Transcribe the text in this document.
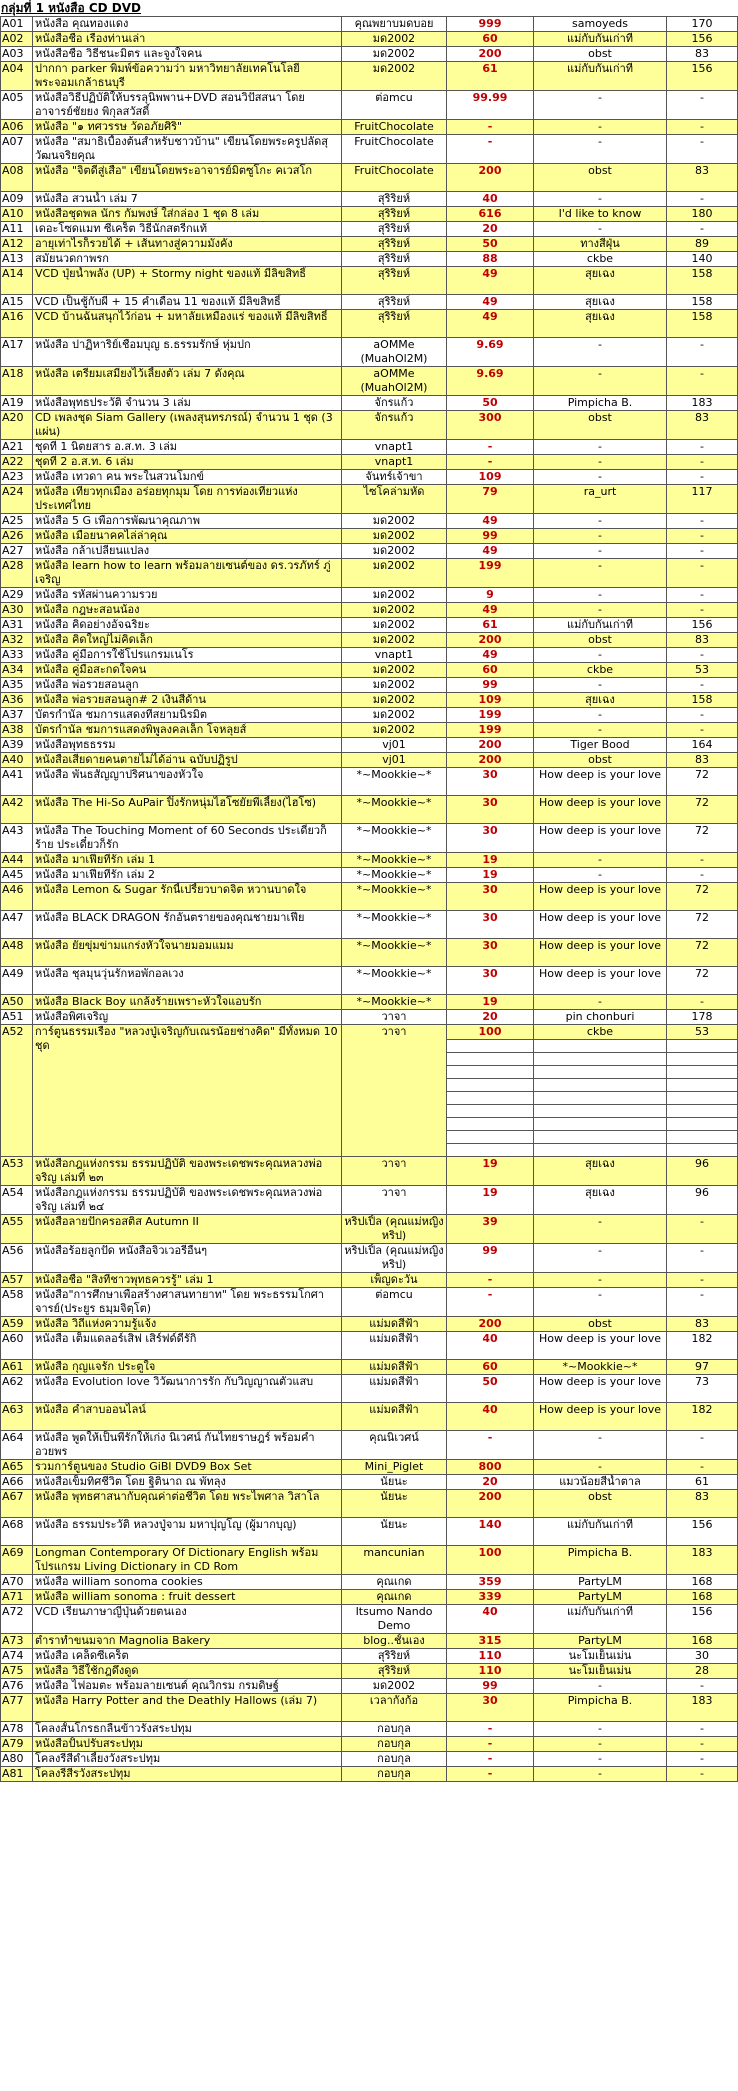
กลุ่มที่ 1 หนังสือ CD DVD
A01	หนังสือ คุณทองแดง	คุณพยาบมดบอย	999	samoyeds	170
A02	หนังสือชื่อ เรื่องท่านเล่า	มด2002	60	แม่กับกันเก่าที่	156
A03	หนังสือชื่อ วิธีชนะมิตร และจูงใจคน	มด2002	200	obst	83
A04	ปากกา parker พิมพ์ข้อความว่า มหาวิทยาลัยเทคโนโลยีพระจอมเกล้าธนบุรี	มด2002	61	แม่กับกันเก่าที่	156
A05	หนังสือวิธีปฏิบัติให้บรรลุนิพพาน+DVD สอนวิปัสสนา โดยอาจารย์ชัยยง พิกุลสวัสดิ์	ต่อmcu	99.99	-	-
A06	หนังสือ "๑ ทศวรรษ วัดอภัยศิริ"	FruitChocolate	-	-	-
A07	หนังสือ "สมาธิเบื้องต้นสำหรับชาวบ้าน" เขียนโดยพระครูปลัดสุวัฒนจริยคุณ	FruitChocolate	-	-	-
A08	หนังสือ "จิตดีสู่เสือ" เขียนโดยพระอาจารย์มิตซูโกะ คเวสโก	FruitChocolate	200	obst	83
A09	หนังสือ สวนน้ำ เล่ม 7	สุริริยห์	40	-	-
A10	หนังสือชุดพล นักร กัมพงษ์ ใส่กล่อง 1 ชุด 8 เล่ม	สุริริยห์	616	I'd like to know	180
A11	เดอะโซดแมท ซีเคร็ต วิธีนักสตรีกแท้	สุริริยห์	20	-	-
A12	อายุเท่าไรก็รวยได้ + เส้นทางสู่ความมั่งคั่ง	สุริริยห์	50	ทางสีฝุ่น	89
A13	สมัยนวดกาพรก	สุริริยห์	88	ckbe	140
A14	VCD ปุ่ยน้ำพลัง (UP) + Stormy night ของแท้ มีลิขสิทธิ์	สุริริยห์	49	สุยเฉง	158
A15	VCD เป็นชู้กับผี + 15 ค่ำเดือน 11 ของแท้ มีลิขสิทธิ์	สุริริยห์	49	สุยเฉง	158
A16	VCD บ้านฉันสนุกไว้ก่อน + มหาลัยเหมืองแร่ ของแท้ มีลิขสิทธิ์	สุริริยห์	49	สุยเฉง	158
A17	หนังสือ ปาฏิหาริย์เชื่อมบุญ ธ.ธรรมรักษ์ หุ่มปก	aOMMe (MuahOl2M)	9.69	-	-
A18	หนังสือ เตรียมเสมียงไว้เลี้ยงตัว เล่ม 7 ดังคุณ	aOMMe (MuahOl2M)	9.69	-	-
A19	หนังสือพุทธประวัติ จำนวน 3 เล่ม	จักรแก้ว	50	Pimpicha B.	183
A20	CD เพลงชุด Siam Gallery (เพลงสุนทรภรณ์) จำนวน 1 ชุด (3 แผ่น)	จักรแก้ว	300	obst	83
A21	ชุดที่ 1 นิตยสาร อ.ส.ท. 3 เล่ม	vnapt1	-	-	-
A22	ชุดที่ 2 อ.ส.ท. 6 เล่ม	vnapt1	-	-	-
A23	หนังสือ เทวดา คน พระในสวนโมกข์	จันทร์เจ้าขา	109	-	-
A24	หนังสือ เที่ยวทุกเมือง อร่อยทุกมุม โดย การท่องเที่ยวแห่งประเทศไทย	ไซโคล่ามหัด	79	ra_urt	117
A25	หนังสือ 5 G เพื่อการพัฒนาคุณภาพ	มด2002	49	-	-
A26	หนังสือ เมื่อยนาคคไล่ล่าคุณ	มด2002	99	-	-
A27	หนังสือ กล้าเปลี่ยนแปลง	มด2002	49	-	-
A28	หนังสือ learn how to learn พร้อมลายเซนต์ของ ดร.วรภัทร์ ภู่เจริญ	มด2002	199	-	-
A29	หนังสือ รหัสผ่านความรวย	มด2002	9	-	-
A30	หนังสือ กฎษะสอนน้อง	มด2002	49	-	-
A31	หนังสือ คิดอย่างอัจฉริยะ	มด2002	61	แม่กับกันเก่าที่	156
A32	หนังสือ คิดใหญ่ไม่คิดเล็ก	มด2002	200	obst	83
A33	หนังสือ คู่มือการใช้โปรแกรมเนโร	vnapt1	49	-	-
A34	หนังสือ คู่มือสะกดใจคน	มด2002	60	ckbe	53
A35	หนังสือ พ่อรวยสอนลูก	มด2002	99	-	-
A36	หนังสือ พ่อรวยสอนลูก# 2 เงินสี่ด้าน	มด2002	109	สุยเฉง	158
A37	บัตรกำนัล ชมการแสดงที่สยามนิรมิต	มด2002	199	-	-
A38	บัตรกำนัล ชมการแสดงพิพูลงคลเล็ก โจหลุยส์	มด2002	199	-	-
A39	หนังสือพุทธธรรม	vj01	200	Tiger Bood	164
A40	หนังสือเสียดายคนตายไม่ได้อ่าน ฉบับปฏิรูป	vj01	200	obst	83
A41	หนังสือ พันธสัญญาปริศนาของหัวใจ	*~Mookkie~*	30	How deep is your love	72
A42	หนังสือ The Hi-So AuPair ปิ๊งรักหนุ่มไฮโซยัยพี่เลี้ยง(ไฮโซ)	*~Mookkie~*	30	How deep is your love	72
A43	หนังสือ The Touching Moment of 60 Seconds ประเดี๋ยวก็ร้าย ประเดี๋ยวก็รัก	*~Mookkie~*	30	How deep is your love	72
A44	หนังสือ มาเฟียที่รัก เล่ม 1	*~Mookkie~*	19	-	-
A45	หนังสือ มาเฟียที่รัก เล่ม 2	*~Mookkie~*	19	-	-
A46	หนังสือ Lemon & Sugar รักนี้เปรี้ยวบาดจิต หวานบาดใจ	*~Mookkie~*	30	How deep is your love	72
A47	หนังสือ BLACK DRAGON รักอันตรายของคุณชายมาเฟีย	*~Mookkie~*	30	How deep is your love	72
A48	หนังสือ ยัยขุ่มข่ามแกร่งหัวใจนายมอมแมม	*~Mookkie~*	30	How deep is your love	72
A49	หนังสือ ชุลมุนวุ่นรักหอพักอลเวง	*~Mookkie~*	30	How deep is your love	72
A50	หนังสือ Black Boy แกล้งร้ายเพราะหัวใจแอบรัก	*~Mookkie~*	19	-	-
A51	หนังสือพิศเจริญ	วาจา	20	pin chonburi	178
A52	การ์ตูนธรรมเรื่อง "หลวงปู่เจริญกับเณรน้อยช่างคิด" มีทั้งหมด 10 ชุด	วาจา	100	ckbe	53

A53	หนังสือกฎแห่งกรรม ธรรมปฏิบัติ ของพระเดชพระคุณหลวงพ่อจริญ เล่มที่ ๒๓	วาจา	19	สุยเฉง	96
A54	หนังสือกฎแห่งกรรม ธรรมปฏิบัติ ของพระเดชพระคุณหลวงพ่อจริญ เล่มที่ ๒๔	วาจา	19	สุยเฉง	96
A55	หนังสือลายปักครอสติส Autumn II	หริปเปิ้ล (คุณแม่หญิงหริป)	39	-	-
A56	หนังสือร้อยลูกปัด หนังสือจิวเวอรี่อื่นๆ	หริปเปิ้ล (คุณแม่หญิงหริป)	99	-	-
A57	หนังสือชื่อ "สิ่งที่ชาวพุทธควรรู้" เล่ม 1	เพ็ญดะวัน	-	-	-
A58	หนังสือ"การศึกษาเพื่อสร้างศาสนทายาท" โดย พระธรรมโกศาจารย์(ประยูร ธมฺมจิตฺโต)	ต่อmcu	-	-	-
A59	หนังสือ วิถีแห่งความรู้แจ้ง	แม่มดสีฟ้า	200	obst	83
A60	หนังสือ เต็มแดลอร์เสิฟ เสิร์ฟด์ดีรักิ	แม่มดสีฟ้า	40	How deep is your love	182
A61	หนังสือ กุญแจรัก ประตูใจ	แม่มดสีฟ้า	60	*~Mookkie~*	97
A62	หนังสือ Evolution love วิวัฒนาการรัก กับวิญญาณตัวแสบ	แม่มดสีฟ้า	50	How deep is your love	73
A63	หนังสือ คำสาบออนไลน์	แม่มดสีฟ้า	40	How deep is your love	182
A64	หนังสือ พูดให้เป็นพี่รักให้เก่ง นิเวศน์ กันไทยราษฎร์ พร้อมคำอวยพร	คุณนิเวศน์	-	-	-
A65	รวมการ์ตูนของ Studio GiBl DVD9 Box Set	Mini_Piglet	800	-	-
A66	หนังสือเข็มทิศชีวิต โดย ฐิตินาถ ณ พัทลุง	นัยนะ	20	แมวน้อยสีน้ำตาล	61
A67	หนังสือ พุทธศาสนากับคุณค่าต่อชีวิต โดย พระไพศาล วิสาโล	นัยนะ	200	obst	83
A68	หนังสือ ธรรมประวัติ หลวงปู่จาม มหาปุญโญ (ผู้มากบุญ)	นัยนะ	140	แม่กับกันเก่าที่	156
A69	Longman Contemporary Of Dictionary English พร้อมโปรแกรม Living Dictionary in CD Rom	mancunian	100	Pimpicha B.	183
A70	หนังสือ william sonoma cookies	คุณเกด	359	PartyLM	168
A71	หนังสือ william sonoma : fruit dessert	คุณเกด	339	PartyLM	168
A72	VCD เรียนภาษาญี่ปุ่นด้วยตนเอง	Itsumo Nando Demo	40	แม่กับกันเก่าที่	156
A73	ตำราทำขนมจาก Magnolia Bakery	blog..ชั้นเอง	315	PartyLM	168
A74	หนังสือ เคล็ดซีเคร็ต	สุริริยห์	110	นะโมเย็นเม่น	30
A75	หนังสือ วิธีใช้กฎดึงดูด	สุริริยห์	110	นะโมเย็นเม่น	28
A76	หนังสือ ไฟอมตะ พร้อมลายเซนต์ คุณวิกรม กรมดิษฐ์	มด2002	99	-	-
A77	หนังสือ Harry Potter and the Deathly Hallows (เล่ม 7)	เวลากังก้อ	30	Pimpicha B.	183
A78	โคลงสั้นโกรธกลืนข้าวรังสระปทุม	กอบกุล	-	-	-
A79	หนังสือปั้นปรับสระปทุม	กอบกุล	-	-	-
A80	โคลงรีสีดำเลี้ยงวังสระปทุม	กอบกุล	-	-	-
A81	โคลงรีสีรวังสระปทุม	กอบกุล	-	-	-
